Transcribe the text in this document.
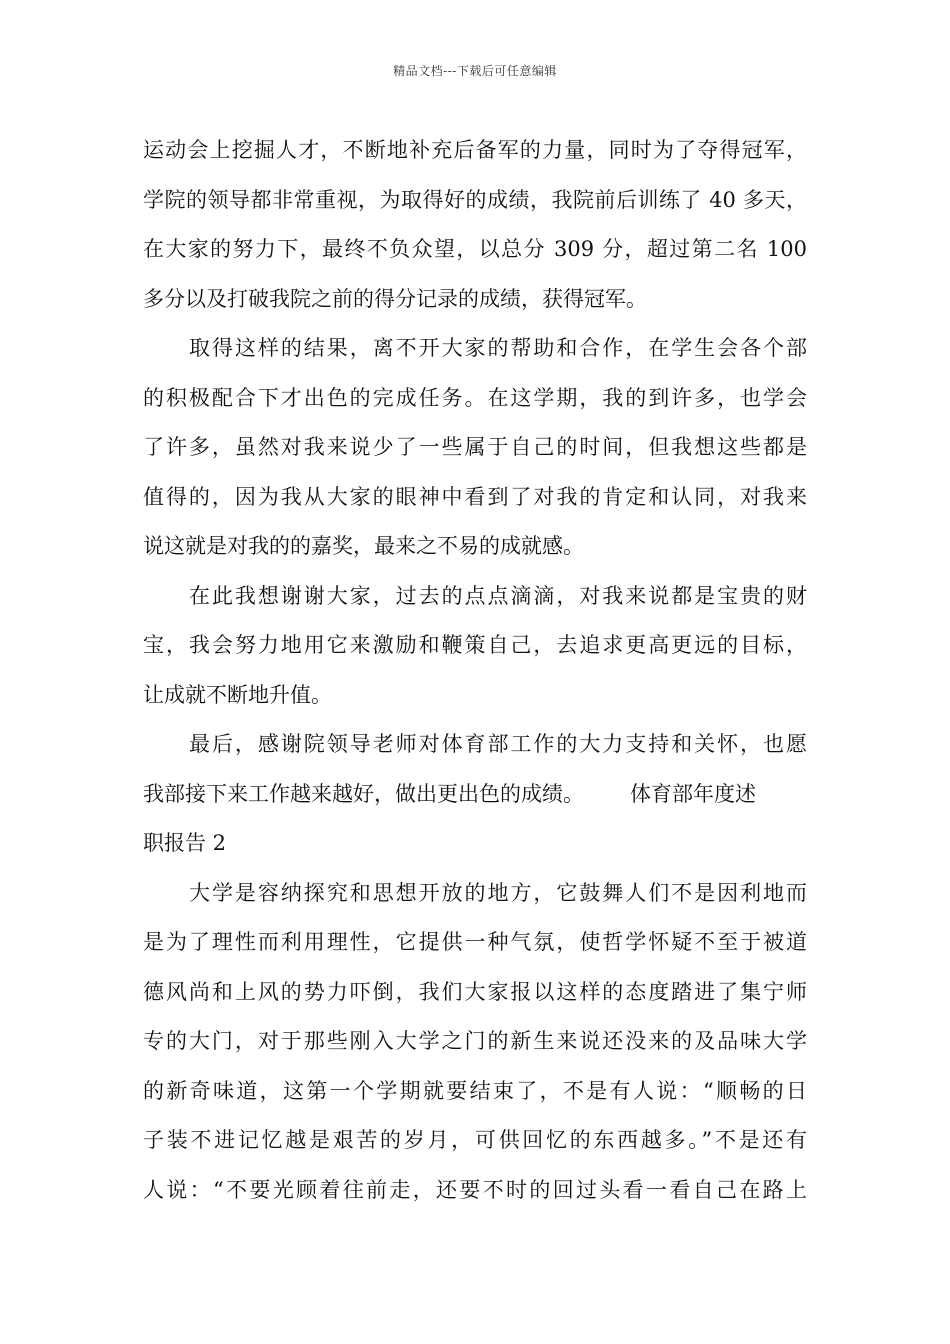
精品文档---下载后可任意编辑
运动会上挖掘人才，不断地补充后备军的力量，同时为了夺得冠军，
学院的领导都非常重视，为取得好的成绩，我院前后训练了 40 多天，
在大家的努力下，最终不负众望，以总分 309 分，超过第二名 100
多分以及打破我院之前的得分记录的成绩，获得冠军。
取得这样的结果，离不开大家的帮助和合作，在学生会各个部
的积极配合下才出色的完成任务。在这学期，我的到许多，也学会
了许多，虽然对我来说少了一些属于自己的时间，但我想这些都是
值得的，因为我从大家的眼神中看到了对我的肯定和认同，对我来
说这就是对我的的嘉奖，最来之不易的成就感。
在此我想谢谢大家，过去的点点滴滴，对我来说都是宝贵的财
宝，我会努力地用它来激励和鞭策自己，去追求更高更远的目标，
让成就不断地升值。
最后，感谢院领导老师对体育部工作的大力支持和关怀，也愿
我部接下来工作越来越好，做出更出色的成绩。 体育部年度述
职报告 2
大学是容纳探究和思想开放的地方，它鼓舞人们不是因利地而
是为了理性而利用理性，它提供一种气氛，使哲学怀疑不至于被道
德风尚和上风的势力吓倒，我们大家报以这样的态度踏进了集宁师
专的大门，对于那些刚入大学之门的新生来说还没来的及品味大学
的新奇味道，这第一个学期就要结束了，不是有人说：“顺畅的日
子装不进记忆越是艰苦的岁月，可供回忆的东西越多。”不是还有
人说：“不要光顾着往前走，还要不时的回过头看一看自己在路上
